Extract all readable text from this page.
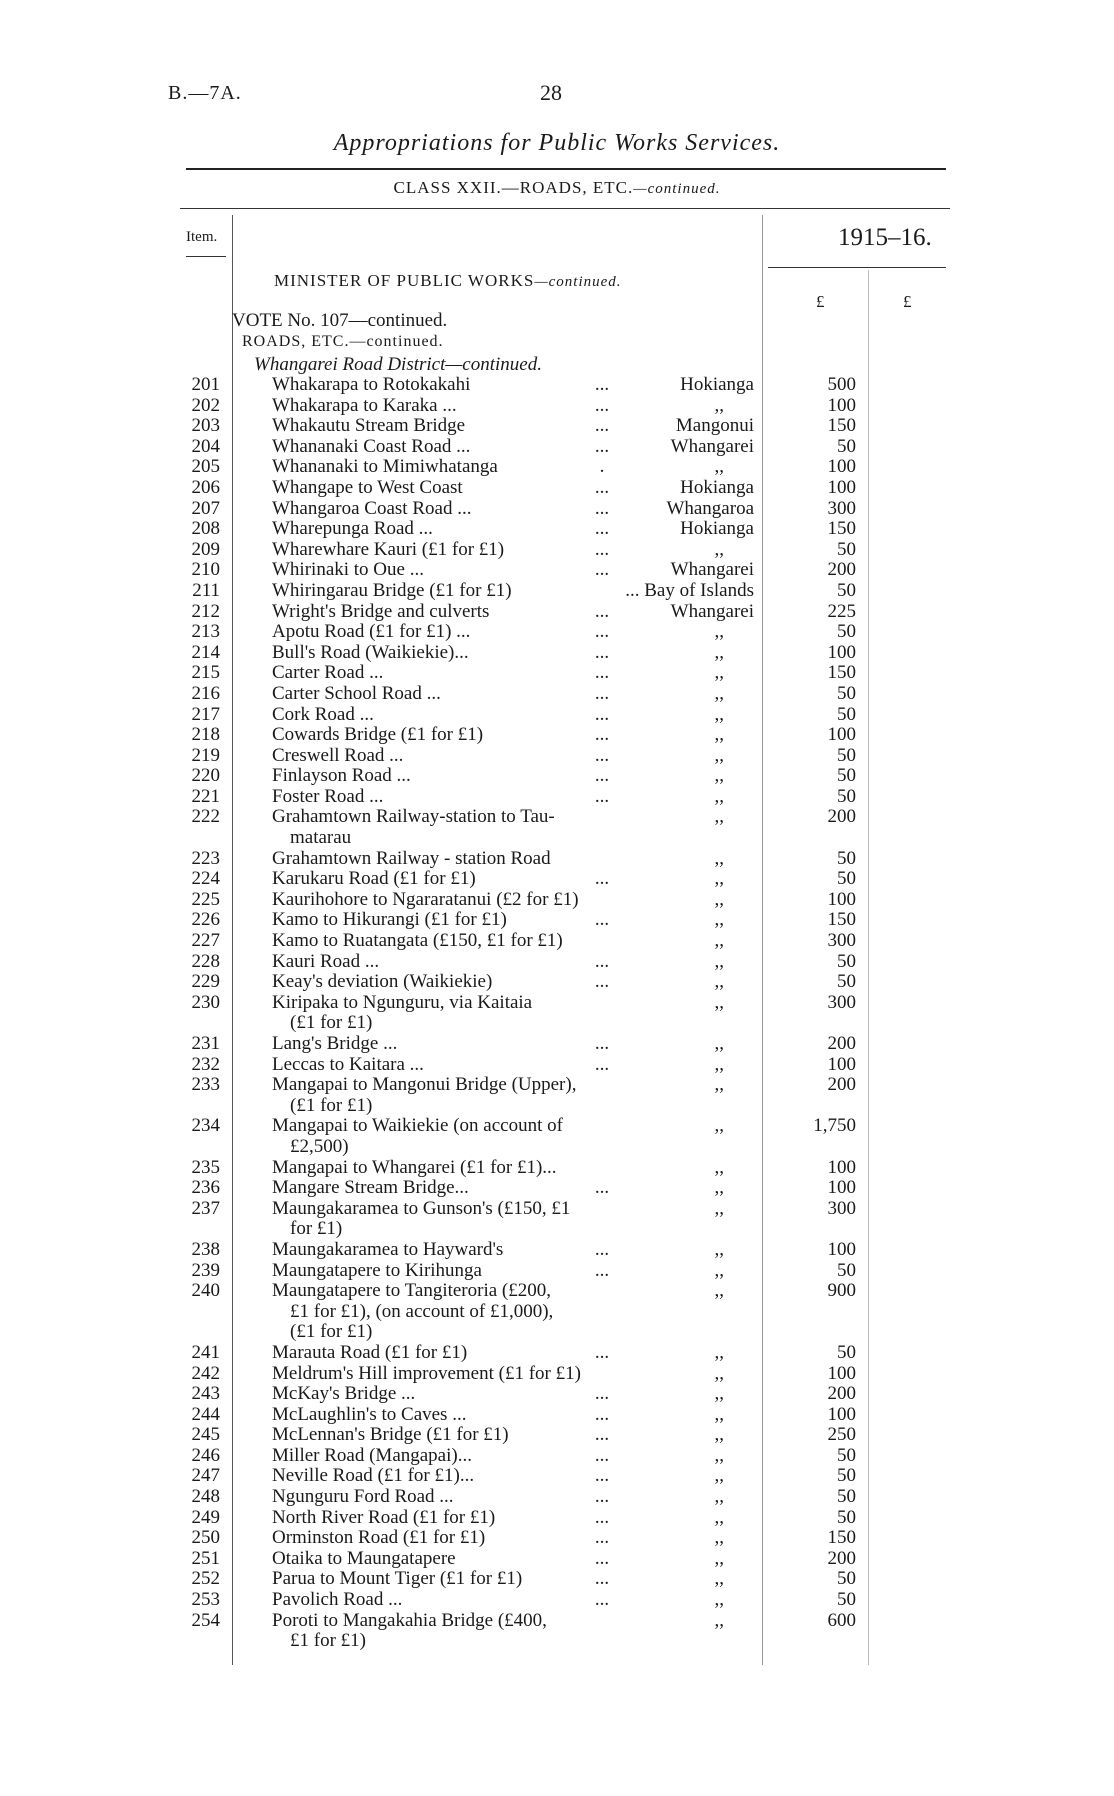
B.—7A.	28
Appropriations for Public Works Services.
CLASS XXII.—ROADS, ETC.—continued.
Item.	1915–16.
MINISTER OF PUBLIC WORKS—continued.
£	£
VOTE No. 107—continued.
ROADS, ETC.—continued.
Whangarei Road District—continued.
201	Whakarapa to Rotokakahi	...	Hokianga	500
202	Whakarapa to Karaka ...	...	,,	100
203	Whakautu Stream Bridge	...	Mangonui	150
204	Whananaki Coast Road ...	...	Whangarei	50
205	Whananaki to Mimiwhatanga	.	,,	100
206	Whangape to West Coast	...	Hokianga	100
207	Whangaroa Coast Road ...	...	Whangaroa	300
208	Wharepunga Road ...	...	Hokianga	150
209	Wharewhare Kauri (£1 for £1)	...	,,	50
210	Whirinaki to Oue ...	...	Whangarei	200
211	Whiringarau Bridge (£1 for £1)	... Bay of Islands	50
212	Wright's Bridge and culverts	...	Whangarei	225
213	Apotu Road (£1 for £1) ...	...	,,	50
214	Bull's Road (Waikiekie)...	...	,,	100
215	Carter Road ...	...	,,	150
216	Carter School Road ...	...	,,	50
217	Cork Road ...	...	,,	50
218	Cowards Bridge (£1 for £1)	...	,,	100
219	Creswell Road ...	...	,,	50
220	Finlayson Road ...	...	,,	50
221	Foster Road ...	...	,,	50
222	Grahamtown Railway-station to Tau-
matarau
,,	200
223	Grahamtown Railway - station Road	,,	50
224	Karukaru Road (£1 for £1)	...	,,	50
225	Kaurihohore to Ngararatanui (£2 for £1)	,,	100
226	Kamo to Hikurangi (£1 for £1)	...	,,	150
227	Kamo to Ruatangata (£150, £1 for £1)	,,	300
228	Kauri Road ...	...	,,	50
229	Keay's deviation (Waikiekie)	...	,,	50
230	Kiripaka to Ngunguru, via Kaitaia
(£1 for £1)
,,	300
231	Lang's Bridge ...	...	,,	200
232	Leccas to Kaitara ...	...	,,	100
233	Mangapai to Mangonui Bridge (Upper),
(£1 for £1)
,,	200
234	Mangapai to Waikiekie (on account of
£2,500)
,,	1,750
235	Mangapai to Whangarei (£1 for £1)...	,,	100
236	Mangare Stream Bridge...	...	,,	100
237	Maungakaramea to Gunson's (£150, £1
for £1)
,,	300
238	Maungakaramea to Hayward's	...	,,	100
239	Maungatapere to Kirihunga	...	,,	50
240	Maungatapere to Tangiteroria (£200,
£1 for £1), (on account of £1,000),
(£1 for £1)
,,	900
241	Marauta Road (£1 for £1)	...	,,	50
242	Meldrum's Hill improvement (£1 for £1)	,,	100
243	McKay's Bridge ...	...	,,	200
244	McLaughlin's to Caves ...	...	,,	100
245	McLennan's Bridge (£1 for £1)	...	,,	250
246	Miller Road (Mangapai)...	...	,,	50
247	Neville Road (£1 for £1)...	...	,,	50
248	Ngunguru Ford Road ...	...	,,	50
249	North River Road (£1 for £1)	...	,,	50
250	Orminston Road (£1 for £1)	...	,,	150
251	Otaika to Maungatapere	...	,,	200
252	Parua to Mount Tiger (£1 for £1)	...	,,	50
253	Pavolich Road ...	...	,,	50
254	Poroti to Mangakahia Bridge (£400,
£1 for £1)
,,	600
